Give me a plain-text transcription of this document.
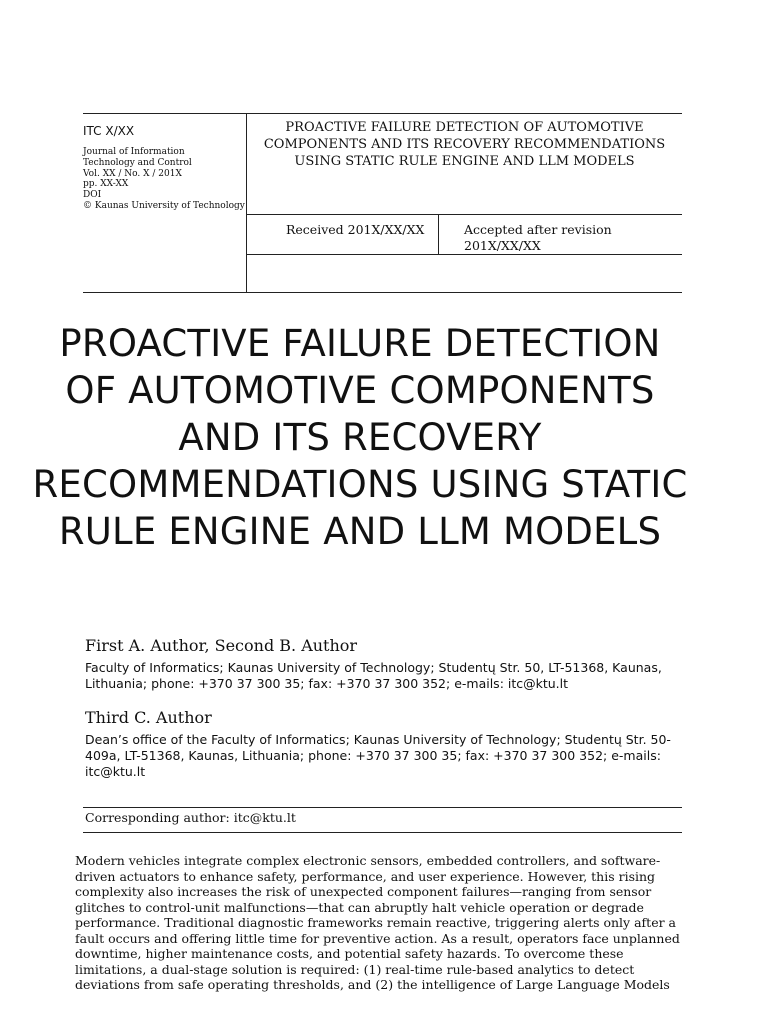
ITC X/XX
Journal of Information
Technology and Control
Vol. XX / No. X / 201X
pp. XX-XX
DOI
© Kaunas University of Technology
PROACTIVE FAILURE DETECTION OF AUTOMOTIVE COMPONENTS AND ITS RECOVERY RECOMMENDATIONS USING STATIC RULE ENGINE AND LLM MODELS
Received 201X/XX/XX	Accepted after revision 201X/XX/XX
PROACTIVE FAILURE DETECTION OF AUTOMOTIVE COMPONENTS AND ITS RECOVERY RECOMMENDATIONS USING STATIC RULE ENGINE AND LLM MODELS
First A. Author, Second B. Author
Faculty of Informatics; Kaunas University of Technology; Studentų Str. 50, LT-51368, Kaunas, Lithuania; phone: +370 37 300 35; fax: +370 37 300 352; e-mails: itc@ktu.lt
Third C. Author
Dean’s office of the Faculty of Informatics; Kaunas University of Technology; Studentų Str. 50-409a, LT-51368, Kaunas, Lithuania; phone: +370 37 300 35; fax: +370 37 300 352; e-mails: itc@ktu.lt
Corresponding author: itc@ktu.lt
Modern vehicles integrate complex electronic sensors, embedded controllers, and software-driven actuators to enhance safety, performance, and user experience. However, this rising complexity also increases the risk of unexpected component failures—ranging from sensor glitches to control-unit malfunctions—that can abruptly halt vehicle operation or degrade performance. Traditional diagnostic frameworks remain reactive, triggering alerts only after a fault occurs and offering little time for preventive action. As a result, operators face unplanned downtime, higher maintenance costs, and potential safety hazards. To overcome these limitations, a dual-stage solution is required: (1) real-time rule-based analytics to detect deviations from safe operating thresholds, and (2) the intelligence of Large Language Models
